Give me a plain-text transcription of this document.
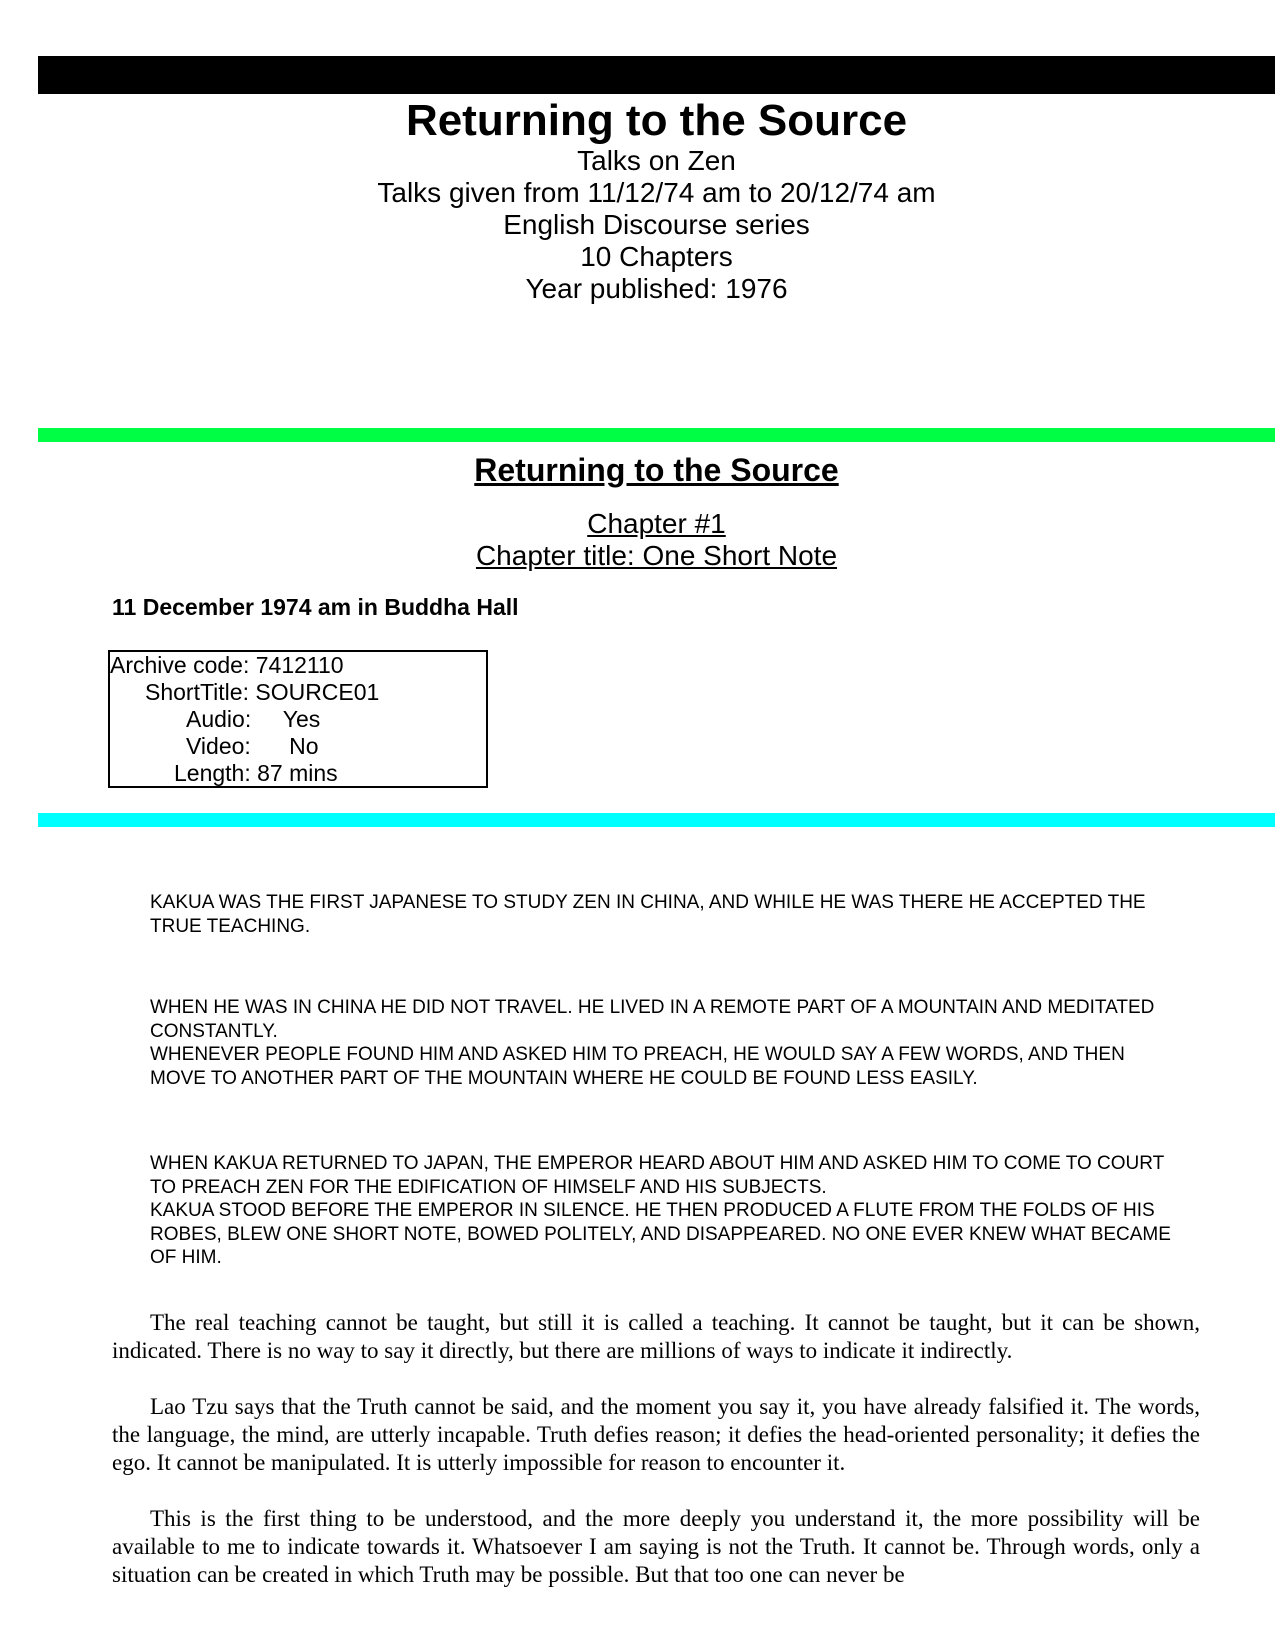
Returning to the Source
Talks on Zen
Talks given from 11/12/74 am to 20/12/74 am
English Discourse series
10 Chapters
Year published: 1976
Returning to the Source
Chapter #1
Chapter title: One Short Note
11 December 1974 am in Buddha Hall
Archive code: 7412110
ShortTitle: SOURCE01
Audio:     Yes
Video:      No
Length: 87 mins
KAKUA WAS THE FIRST JAPANESE TO STUDY ZEN IN CHINA, AND WHILE HE WAS THERE HE ACCEPTED THE TRUE TEACHING.
WHEN HE WAS IN CHINA HE DID NOT TRAVEL. HE LIVED IN A REMOTE PART OF A MOUNTAIN AND MEDITATED CONSTANTLY.
WHENEVER PEOPLE FOUND HIM AND ASKED HIM TO PREACH, HE WOULD SAY A FEW WORDS, AND THEN MOVE TO ANOTHER PART OF THE MOUNTAIN WHERE HE COULD BE FOUND LESS EASILY.
WHEN KAKUA RETURNED TO JAPAN, THE EMPEROR HEARD ABOUT HIM AND ASKED HIM TO COME TO COURT TO PREACH ZEN FOR THE EDIFICATION OF HIMSELF AND HIS SUBJECTS.
KAKUA STOOD BEFORE THE EMPEROR IN SILENCE. HE THEN PRODUCED A FLUTE FROM THE FOLDS OF HIS ROBES, BLEW ONE SHORT NOTE, BOWED POLITELY, AND DISAPPEARED. NO ONE EVER KNEW WHAT BECAME OF HIM.
The real teaching cannot be taught, but still it is called a teaching. It cannot be taught, but it can be shown, indicated. There is no way to say it directly, but there are millions of ways to indicate it indirectly.
Lao Tzu says that the Truth cannot be said, and the moment you say it, you have already falsified it. The words, the language, the mind, are utterly incapable. Truth defies reason; it defies the head-oriented personality; it defies the ego. It cannot be manipulated. It is utterly impossible for reason to encounter it.
This is the first thing to be understood, and the more deeply you understand it, the more possibility will be available to me to indicate towards it. Whatsoever I am saying is not the Truth. It cannot be. Through words, only a situation can be created in which Truth may be possible. But that too one can never be
